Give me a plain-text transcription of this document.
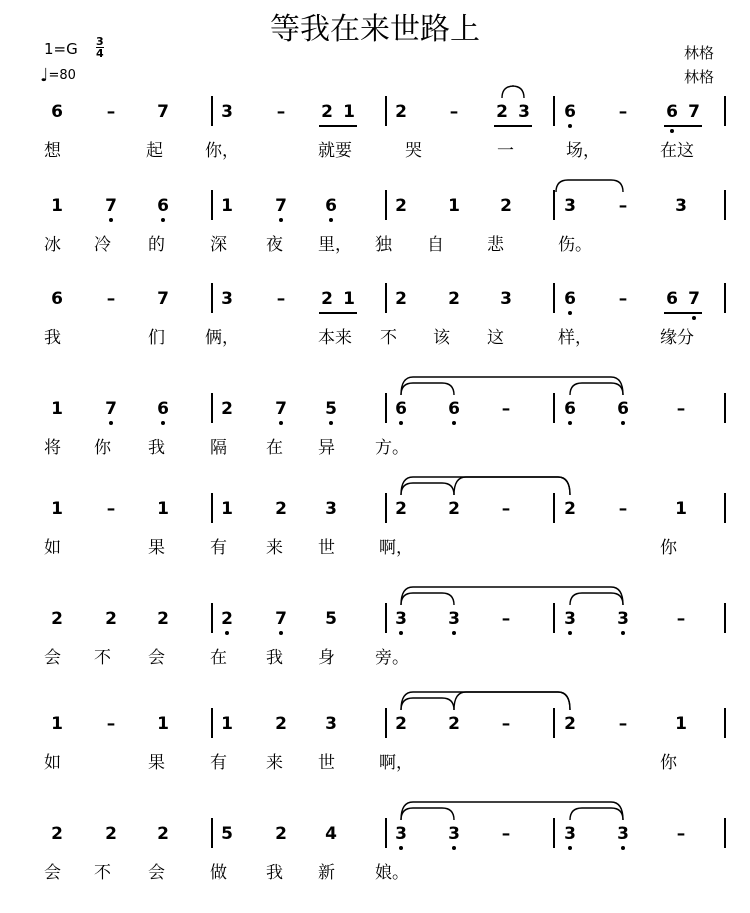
等我在来世路上
1=G 3
4
♩ =80
林格
林格
6	– 7	3	– 2 1 2	– 2 3 6	– 6 7
想	起 你，	就要	哭	一	场，	在这
1 7 6	1 7 6	2 1 2	3	–	3
冰 冷 的	深 夜 里， 独 自	悲	伤。
6	– 7	3	– 2 1 2 2 3	6	– 6 7
我	们 俩，	本来 不 该 这	样，	缘分
1 7 6	2 7 5	6 6 –	6 6	–
将 你 我	隔 在 异 方。
1	– 1	1 2 3	2 2 –	2	–	1
如	果	有 来 世	啊，	你
2 2 2	2 7 5	3 3 –	3 3	–
会 不 会	在 我 身 旁。
1	– 1	1 2 3	2 2 –	2	–	1
如	果	有 来 世	啊，	你
2 2 2	5 2 4	3 3 –	3 3	–
会 不 会	做 我 新 娘。
